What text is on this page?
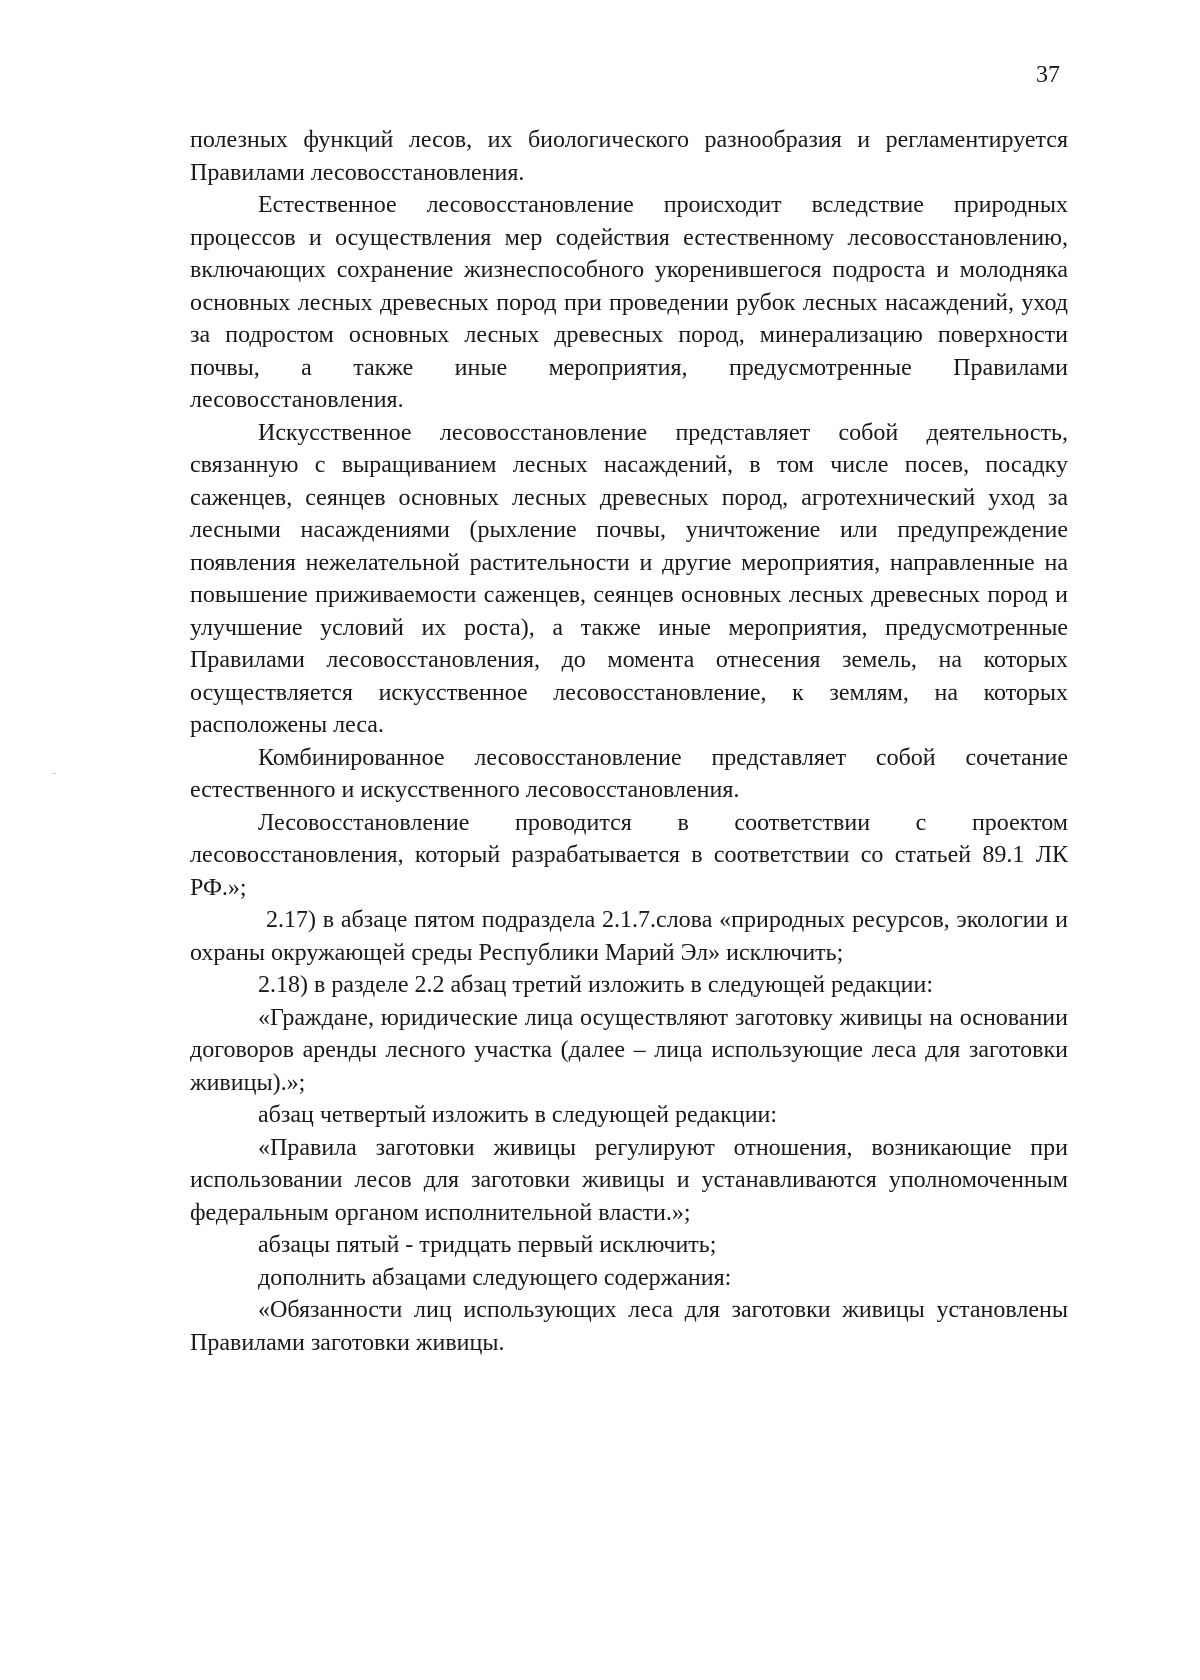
37

полезных функций лесов, их биологического разнообразия и регламентируется Правилами лесовосстановления.

Естественное лесовосстановление происходит вследствие природных процессов и осуществления мер содействия естественному лесовосстановлению, включающих сохранение жизнеспособного укоренившегося подроста и молодняка основных лесных древесных пород при проведении рубок лесных насаждений, уход за подростом основных лесных древесных пород, минерализацию поверхности почвы, а также иные мероприятия, предусмотренные Правилами лесовосстановления.

Искусственное лесовосстановление представляет собой деятельность, связанную с выращиванием лесных насаждений, в том числе посев, посадку саженцев, сеянцев основных лесных древесных пород, агротехнический уход за лесными насаждениями (рыхление почвы, уничтожение или предупреждение появления нежелательной растительности и другие мероприятия, направленные на повышение приживаемости саженцев, сеянцев основных лесных древесных пород и улучшение условий их роста), а также иные мероприятия, предусмотренные Правилами лесовосстановления, до момента отнесения земель, на которых осуществляется искусственное лесовосстановление, к землям, на которых расположены леса.

Комбинированное лесовосстановление представляет собой сочетание естественного и искусственного лесовосстановления.

Лесовосстановление проводится в соответствии с проектом лесовосстановления, который разрабатывается в соответствии со статьей 89.1 ЛК РФ.»;

2.17) в абзаце пятом подраздела 2.1.7.слова «природных ресурсов, экологии и охраны окружающей среды Республики Марий Эл» исключить;

2.18) в разделе 2.2 абзац третий изложить в следующей редакции:

«Граждане, юридические лица осуществляют заготовку живицы на основании договоров аренды лесного участка (далее – лица использующие леса для заготовки живицы).»;

абзац четвертый изложить в следующей редакции:

«Правила заготовки живицы регулируют отношения, возникающие при использовании лесов для заготовки живицы и устанавливаются уполномоченным федеральным органом исполнительной власти.»;

абзацы пятый - тридцать первый исключить;

дополнить абзацами следующего содержания:

«Обязанности лиц использующих леса для заготовки живицы установлены Правилами заготовки живицы.
